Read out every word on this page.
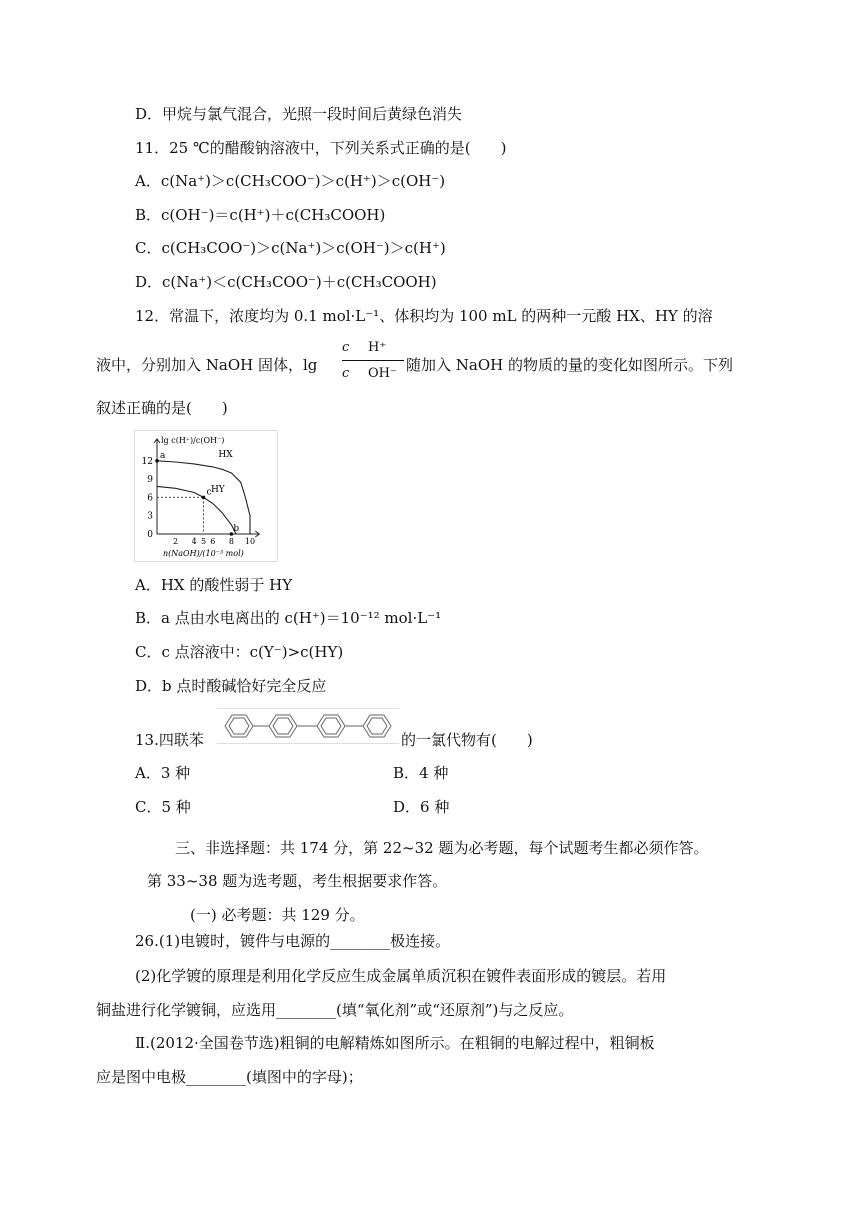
D．甲烷与氯气混合，光照一段时间后黄绿色消失
11．25 ℃的醋酸钠溶液中，下列关系式正确的是(　　)
A．c(Na⁺)＞c(CH₃COO⁻)＞c(H⁺)＞c(OH⁻)
B．c(OH⁻)＝c(H⁺)＋c(CH₃COOH)
C．c(CH₃COO⁻)＞c(Na⁺)＞c(OH⁻)＞c(H⁺)
D．c(Na⁺)＜c(CH₃COO⁻)＋c(CH₃COOH)
12．常温下，浓度均为 0.1 mol·L⁻¹、体积均为 100 mL 的两种一元酸 HX、HY 的溶
液中，分别加入 NaOH 固体，lg
c H⁺
c OH⁻ 随加入 NaOH 的物质的量的变化如图所示。下列
叙述正确的是(　　)
12
9
6
3
0
2 4 5 6 8 10
lg c(H⁺)/c(OH⁻)
n(NaOH)/(10⁻³ mol)
HX
HY
a
c
b
A．HX 的酸性弱于 HY
B．a 点由水电离出的 c(H⁺)＝10⁻¹² mol·L⁻¹
C．c 点溶液中：c(Y⁻)>c(HY)
D．b 点时酸碱恰好完全反应
13.四联苯	的一氯代物有(　　)
A．3 种	B．4 种
C．5 种	D．6 种
三、非选择题：共 174 分，第 22~32 题为必考题，每个试题考生都必须作答。
第 33~38 题为选考题，考生根据要求作答。
(一) 必考题：共 129 分。
26.(1)电镀时，镀件与电源的________极连接。
(2)化学镀的原理是利用化学反应生成金属单质沉积在镀件表面形成的镀层。若用
铜盐进行化学镀铜，应选用________(填“氧化剂”或“还原剂”)与之反应。
Ⅱ.(2012·全国卷节选)粗铜的电解精炼如图所示。在粗铜的电解过程中，粗铜板
应是图中电极________(填图中的字母)；
